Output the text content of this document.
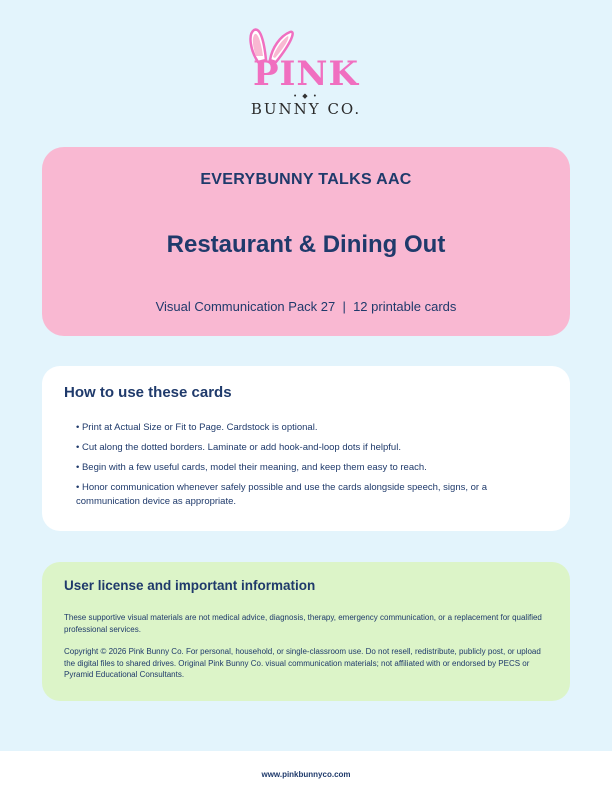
PINK
• ◆ •
BUNNY CO.
EVERYBUNNY TALKS AAC
Restaurant & Dining Out
Visual Communication Pack 27  |  12 printable cards
How to use these cards
• Print at Actual Size or Fit to Page. Cardstock is optional.
• Cut along the dotted borders. Laminate or add hook-and-loop dots if helpful.
• Begin with a few useful cards, model their meaning, and keep them easy to reach.
• Honor communication whenever safely possible and use the cards alongside speech, signs, or a communication device as appropriate.
User license and important information

These supportive visual materials are not medical advice, diagnosis, therapy, emergency communication, or a replacement for qualified professional services.

Copyright © 2026 Pink Bunny Co. For personal, household, or single-classroom use. Do not resell, redistribute, publicly post, or upload the digital files to shared drives. Original Pink Bunny Co. visual communication materials; not affiliated with or endorsed by PECS or Pyramid Educational Consultants.

www.pinkbunnyco.com
